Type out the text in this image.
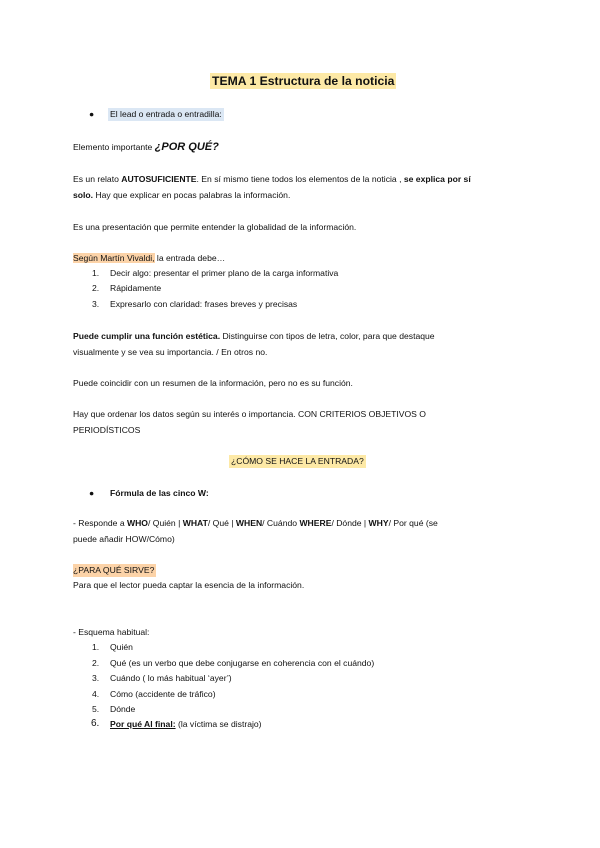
TEMA 1 Estructura de la noticia
● El lead o entrada o entradilla:
Elemento importante ¿POR QUÉ?
Es un relato AUTOSUFICIENTE. En sí mismo tiene todos los elementos de la noticia , se explica por sí
solo. Hay que explicar en pocas palabras la información.
Es una presentación que permite entender la globalidad de la información.
Según Martín Vivaldi, la entrada debe…
1. Decir algo: presentar el primer plano de la carga informativa
2. Rápidamente
3. Expresarlo con claridad: frases breves y precisas
Puede cumplir una función estética. Distinguirse con tipos de letra, color, para que destaque
visualmente y se vea su importancia. / En otros no.
Puede coincidir con un resumen de la información, pero no es su función.
Hay que ordenar los datos según su interés o importancia. CON CRITERIOS OBJETIVOS O
PERIODÍSTICOS
¿CÓMO SE HACE LA ENTRADA?
● Fórmula de las cinco W:
- Responde a WHO/ Quién | WHAT/ Qué | WHEN/ Cuándo WHERE/ Dónde | WHY/ Por qué (se
puede añadir HOW/Cómo)
¿PARA QUÉ SIRVE?
Para que el lector pueda captar la esencia de la información.
- Esquema habitual:
1. Quién
2. Qué (es un verbo que debe conjugarse en coherencia con el cuándo)
3. Cuándo ( lo más habitual ‘ayer’)
4. Cómo (accidente de tráfico)
5. Dónde
6. Por qué Al final: (la víctima se distrajo)
